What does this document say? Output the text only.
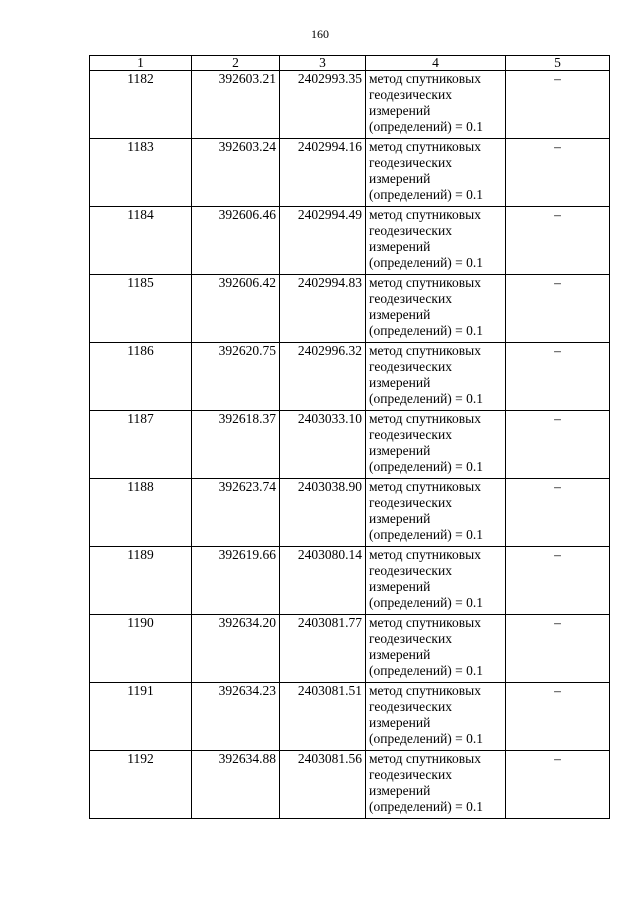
160
1	2	3	4	5
1182	392603.21	2402993.35	метод спутниковых
геодезических
измерений
(определений) = 0.1	–
1183	392603.24	2402994.16	метод спутниковых
геодезических
измерений
(определений) = 0.1	–
1184	392606.46	2402994.49	метод спутниковых
геодезических
измерений
(определений) = 0.1	–
1185	392606.42	2402994.83	метод спутниковых
геодезических
измерений
(определений) = 0.1	–
1186	392620.75	2402996.32	метод спутниковых
геодезических
измерений
(определений) = 0.1	–
1187	392618.37	2403033.10	метод спутниковых
геодезических
измерений
(определений) = 0.1	–
1188	392623.74	2403038.90	метод спутниковых
геодезических
измерений
(определений) = 0.1	–
1189	392619.66	2403080.14	метод спутниковых
геодезических
измерений
(определений) = 0.1	–
1190	392634.20	2403081.77	метод спутниковых
геодезических
измерений
(определений) = 0.1	–
1191	392634.23	2403081.51	метод спутниковых
геодезических
измерений
(определений) = 0.1	–
1192	392634.88	2403081.56	метод спутниковых
геодезических
измерений
(определений) = 0.1	–
